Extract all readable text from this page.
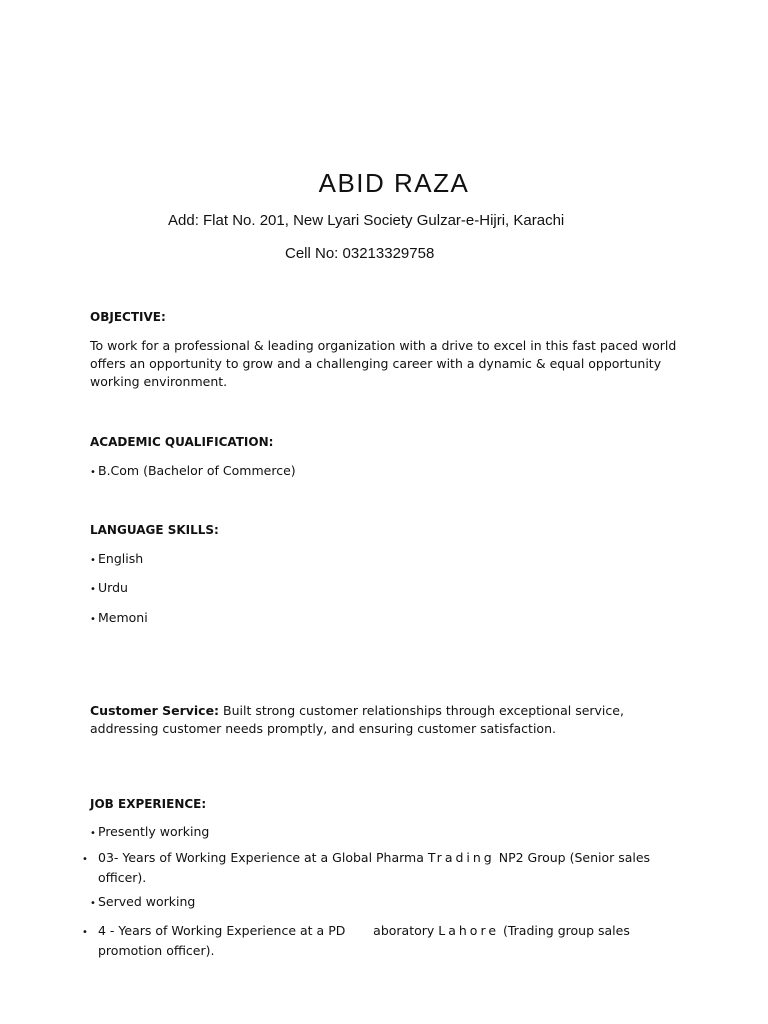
ABID RAZA
Add: Flat No. 201, New Lyari Society Gulzar-e-Hijri, Karachi
Cell No: 03213329758
OBJECTIVE:
To work for a professional & leading organization with a drive to excel in this fast paced world offers an opportunity to grow and a challenging career with a dynamic & equal opportunity working environment.
ACADEMIC QUALIFICATION:
• B.Com (Bachelor of Commerce)
LANGUAGE SKILLS:
• English
• Urdu
• Memoni
Customer Service: Built strong customer relationships through exceptional service, addressing customer needs promptly, and ensuring customer satisfaction.
JOB EXPERIENCE:
• Presently working
• 03- Years of Working Experience at a Global Pharma Trading NP2 Group (Senior sales officer).
• Served working
• 4 - Years of Working Experience at a PD       aboratory Lahore (Trading group sales promotion officer).
